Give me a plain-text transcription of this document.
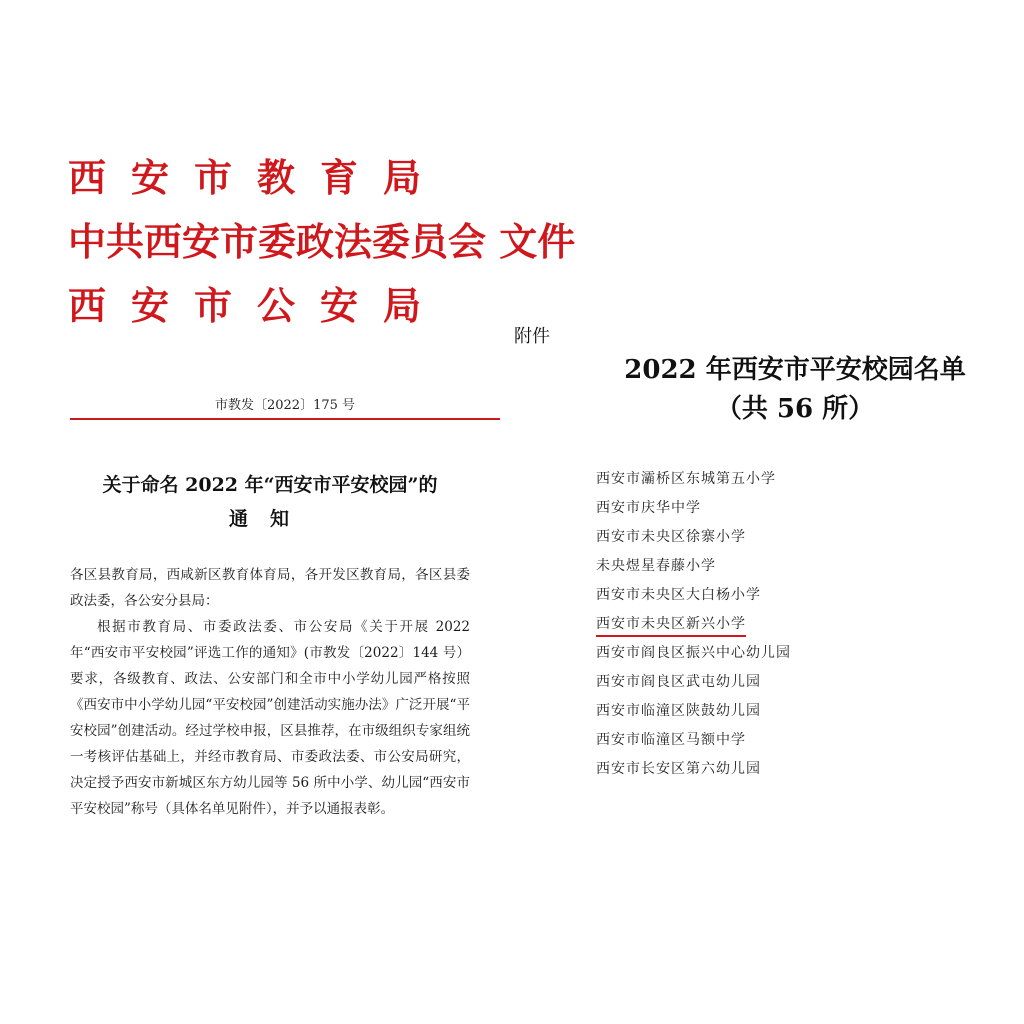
西安市教育局
中共西安市委政法委员会 文件
西安市公安局
附件
市教发〔2022〕175 号
关于命名 2022 年“西安市平安校园”的
通知

各区县教育局，西咸新区教育体育局，各开发区教育局，各区县委政法委，各公安分县局：

根据市教育局、市委政法委、市公安局《关于开展 2022 年“西安市平安校园”评选工作的通知》(市教发〔2022〕144 号）要求，各级教育、政法、公安部门和全市中小学幼儿园严格按照《西安市中小学幼儿园“平安校园”创建活动实施办法》广泛开展“平安校园”创建活动。经过学校申报，区县推荐，在市级组织专家组统一考核评估基础上，并经市教育局、市委政法委、市公安局研究，决定授予西安市新城区东方幼儿园等 56 所中小学、幼儿园“西安市平安校园”称号（具体名单见附件），并予以通报表彰。

2022 年西安市平安校园名单
（共 56 所）
西安市灞桥区东城第五小学
西安市庆华中学
西安市未央区徐寨小学
未央煜星春藤小学
西安市未央区大白杨小学
西安市未央区新兴小学
西安市阎良区振兴中心幼儿园
西安市阎良区武屯幼儿园
西安市临潼区陕鼓幼儿园
西安市临潼区马额中学
西安市长安区第六幼儿园
